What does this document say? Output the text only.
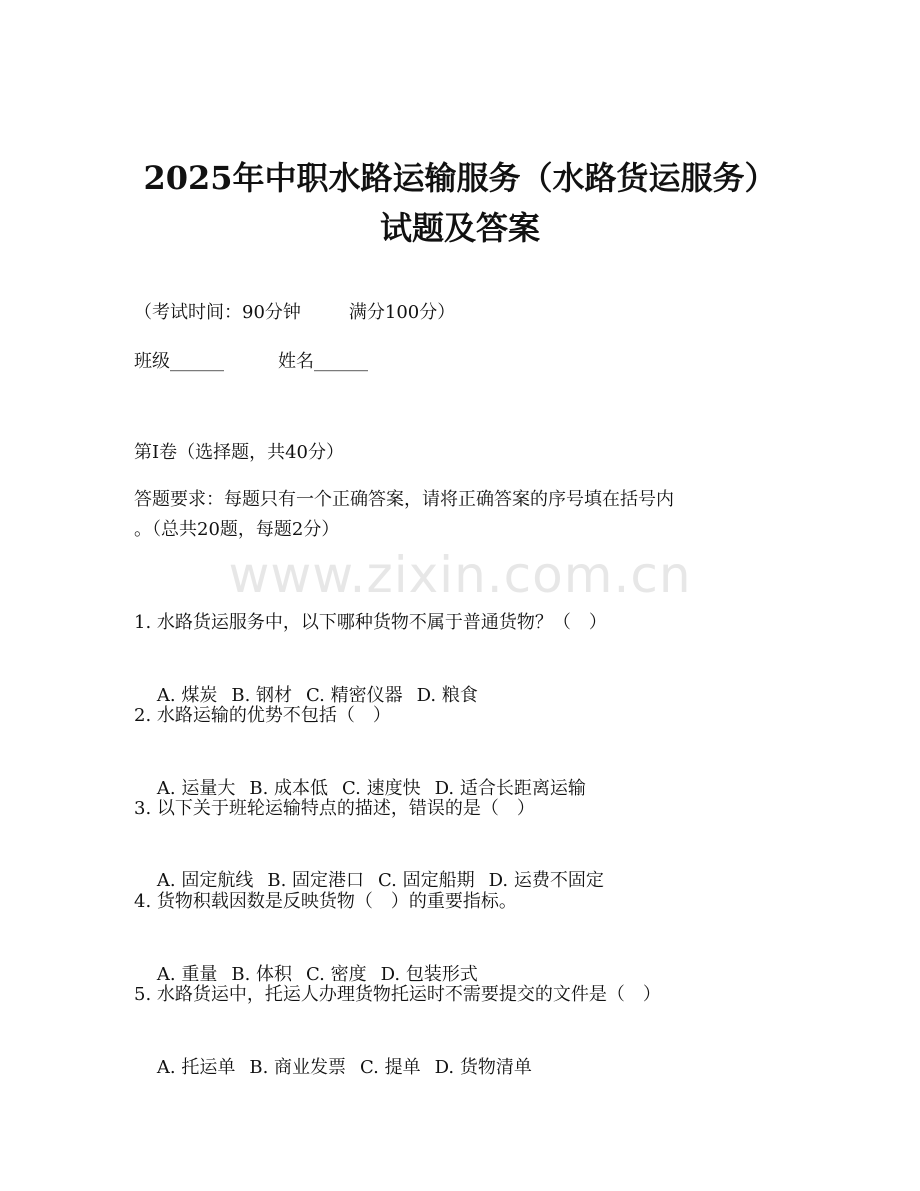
2025年中职水路运输服务（水路货运服务）
试题及答案
（考试时间：90分钟	满分100分）
班级______	姓名______
第I卷（选择题，共40分）
答题要求：每题只有一个正确答案，请将正确答案的序号填在括号内
。（总共20题，每题2分）
www.zixin.com.cn
1. 水路货运服务中，以下哪种货物不属于普通货物？（　）

A. 煤炭 B. 钢材 C. 精密仪器 D. 粮食

2. 水路运输的优势不包括（　）

A. 运量大 B. 成本低 C. 速度快 D. 适合长距离运输

3. 以下关于班轮运输特点的描述，错误的是（　）

A. 固定航线 B. 固定港口 C. 固定船期 D. 运费不固定

4. 货物积载因数是反映货物（　）的重要指标。

A. 重量 B. 体积 C. 密度 D. 包装形式

5. 水路货运中，托运人办理货物托运时不需要提交的文件是（　）

A. 托运单 B. 商业发票 C. 提单 D. 货物清单
